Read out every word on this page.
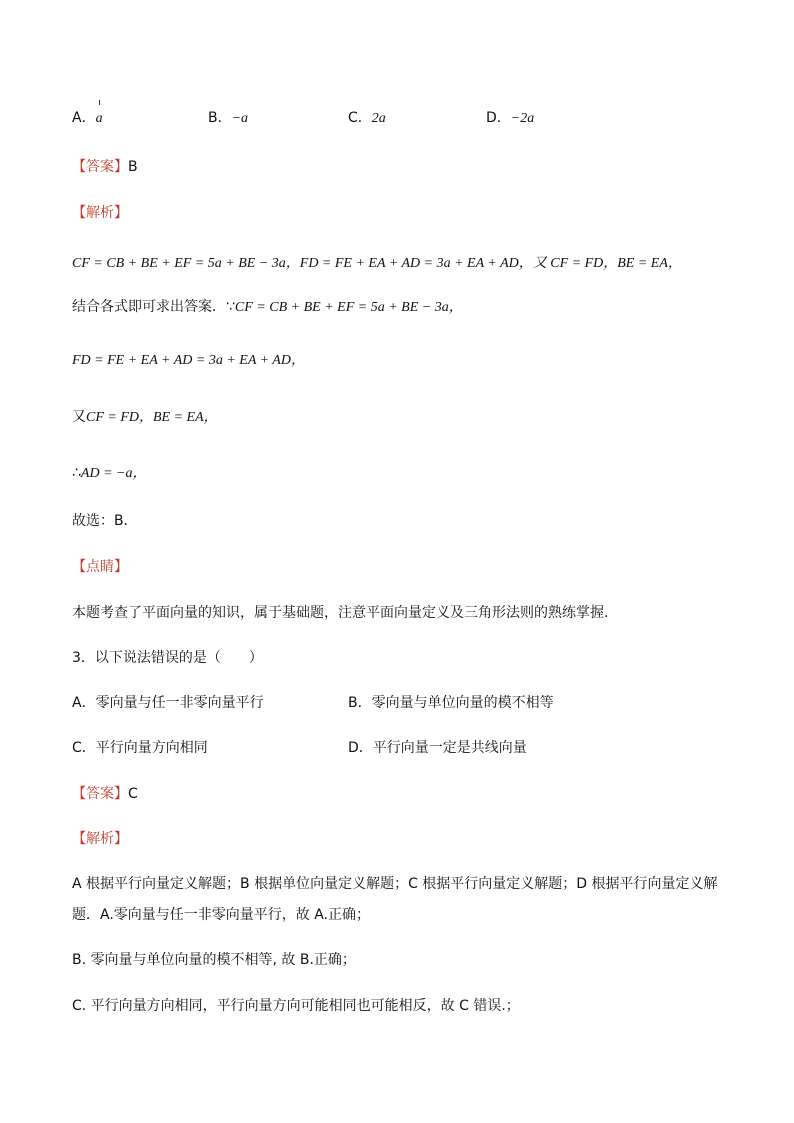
A．a	B．−a	C．2a	D．−2a
【答案】B
【解析】
CF = CB + BE + EF = 5a + BE − 3a，FD = FE + EA + AD = 3a + EA + AD，又 CF = FD，BE = EA，
结合各式即可求出答案．∵CF = CB + BE + EF = 5a + BE − 3a，
FD = FE + EA + AD = 3a + EA + AD，
又CF = FD，BE = EA，
∴AD = −a，
故选：B．
【点睛】
本题考查了平面向量的知识，属于基础题，注意平面向量定义及三角形法则的熟练掌握．
3．以下说法错误的是（　　）
A．零向量与任一非零向量平行	B．零向量与单位向量的模不相等
C．平行向量方向相同	D．平行向量一定是共线向量
【答案】C
【解析】
A 根据平行向量定义解题；B 根据单位向量定义解题；C 根据平行向量定义解题；D 根据平行向量定义解
题．A.零向量与任一非零向量平行，故 A.正确；
B. 零向量与单位向量的模不相等, 故 B.正确；
C. 平行向量方向相同，平行向量方向可能相同也可能相反，故 C 错误.；
